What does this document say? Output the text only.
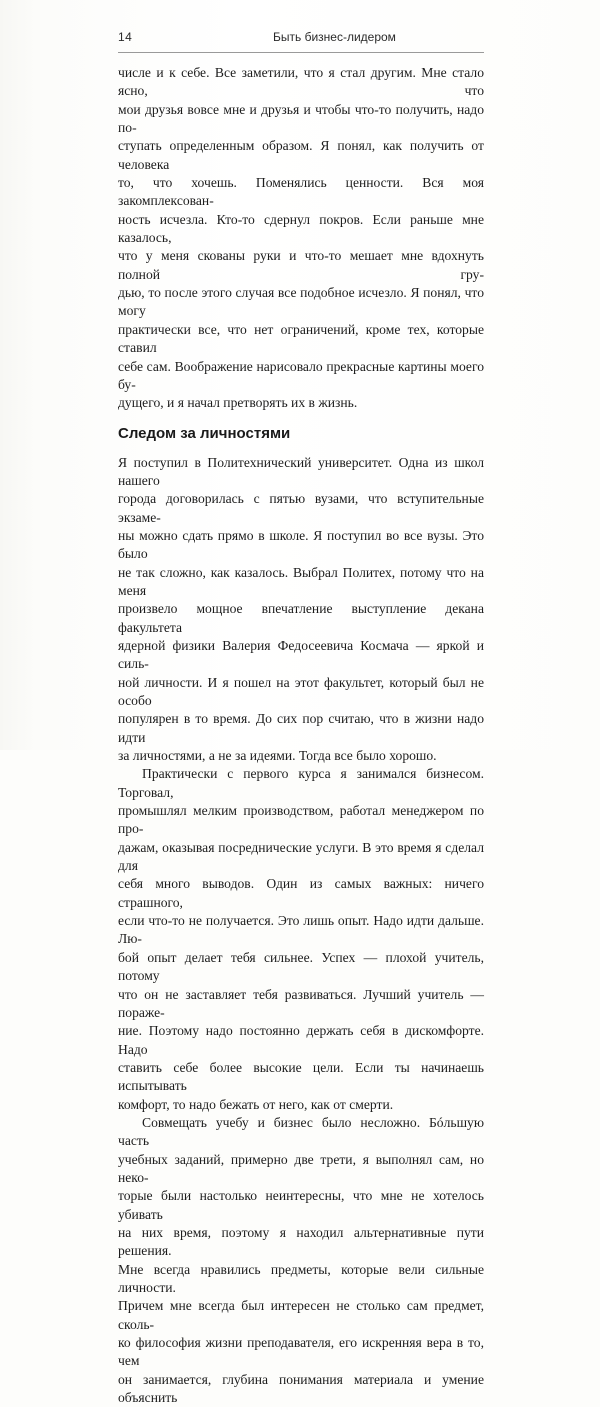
14	Быть бизнес-лидером

числе и к себе. Все заметили, что я стал другим. Мне стало ясно, что

мои друзья вовсе мне и друзья и чтобы что-то получить, надо по-

ступать определенным образом. Я понял, как получить от человека

то, что хочешь. Поменялись ценности. Вся моя закомплексован-

ность исчезла. Кто-то сдернул покров. Если раньше мне казалось,

что у меня скованы руки и что-то мешает мне вдохнуть полной гру-

дью, то после этого случая все подобное исчезло. Я понял, что могу

практически все, что нет ограничений, кроме тех, которые ставил

себе сам. Воображение нарисовало прекрасные картины моего бу-

дущего, и я начал претворять их в жизнь.

Следом за личностями

Я поступил в Политехнический университет. Одна из школ нашего

города договорилась с пятью вузами, что вступительные экзаме-

ны можно сдать прямо в школе. Я поступил во все вузы. Это было

не так сложно, как казалось. Выбрал Политех, потому что на меня

произвело мощное впечатление выступление декана факультета

ядерной физики Валерия Федосеевича Космача — яркой и силь-

ной личности. И я пошел на этот факультет, который был не особо

популярен в то время. До сих пор считаю, что в жизни надо идти

за личностями, а не за идеями. Тогда все было хорошо.

Практически с первого курса я занимался бизнесом. Торговал,

промышлял мелким производством, работал менеджером по про-

дажам, оказывая посреднические услуги. В это время я сделал для

себя много выводов. Один из самых важных: ничего страшного,

если что-то не получается. Это лишь опыт. Надо идти дальше. Лю-

бой опыт делает тебя сильнее. Успех — плохой учитель, потому

что он не заставляет тебя развиваться. Лучший учитель — пораже-

ние. Поэтому надо постоянно держать себя в дискомфорте. Надо

ставить себе более высокие цели. Если ты начинаешь испытывать

комфорт, то надо бежать от него, как от смерти.

Совмещать учебу и бизнес было несложно. Бóльшую часть

учебных заданий, примерно две трети, я выполнял сам, но неко-

торые были настолько неинтересны, что мне не хотелось убивать

на них время, поэтому я находил альтернативные пути решения.

Мне всегда нравились предметы, которые вели сильные личности.

Причем мне всегда был интересен не столько сам предмет, сколь-

ко философия жизни преподавателя, его искренняя вера в то, чем

он занимается, глубина понимания материала и умение объяснить
